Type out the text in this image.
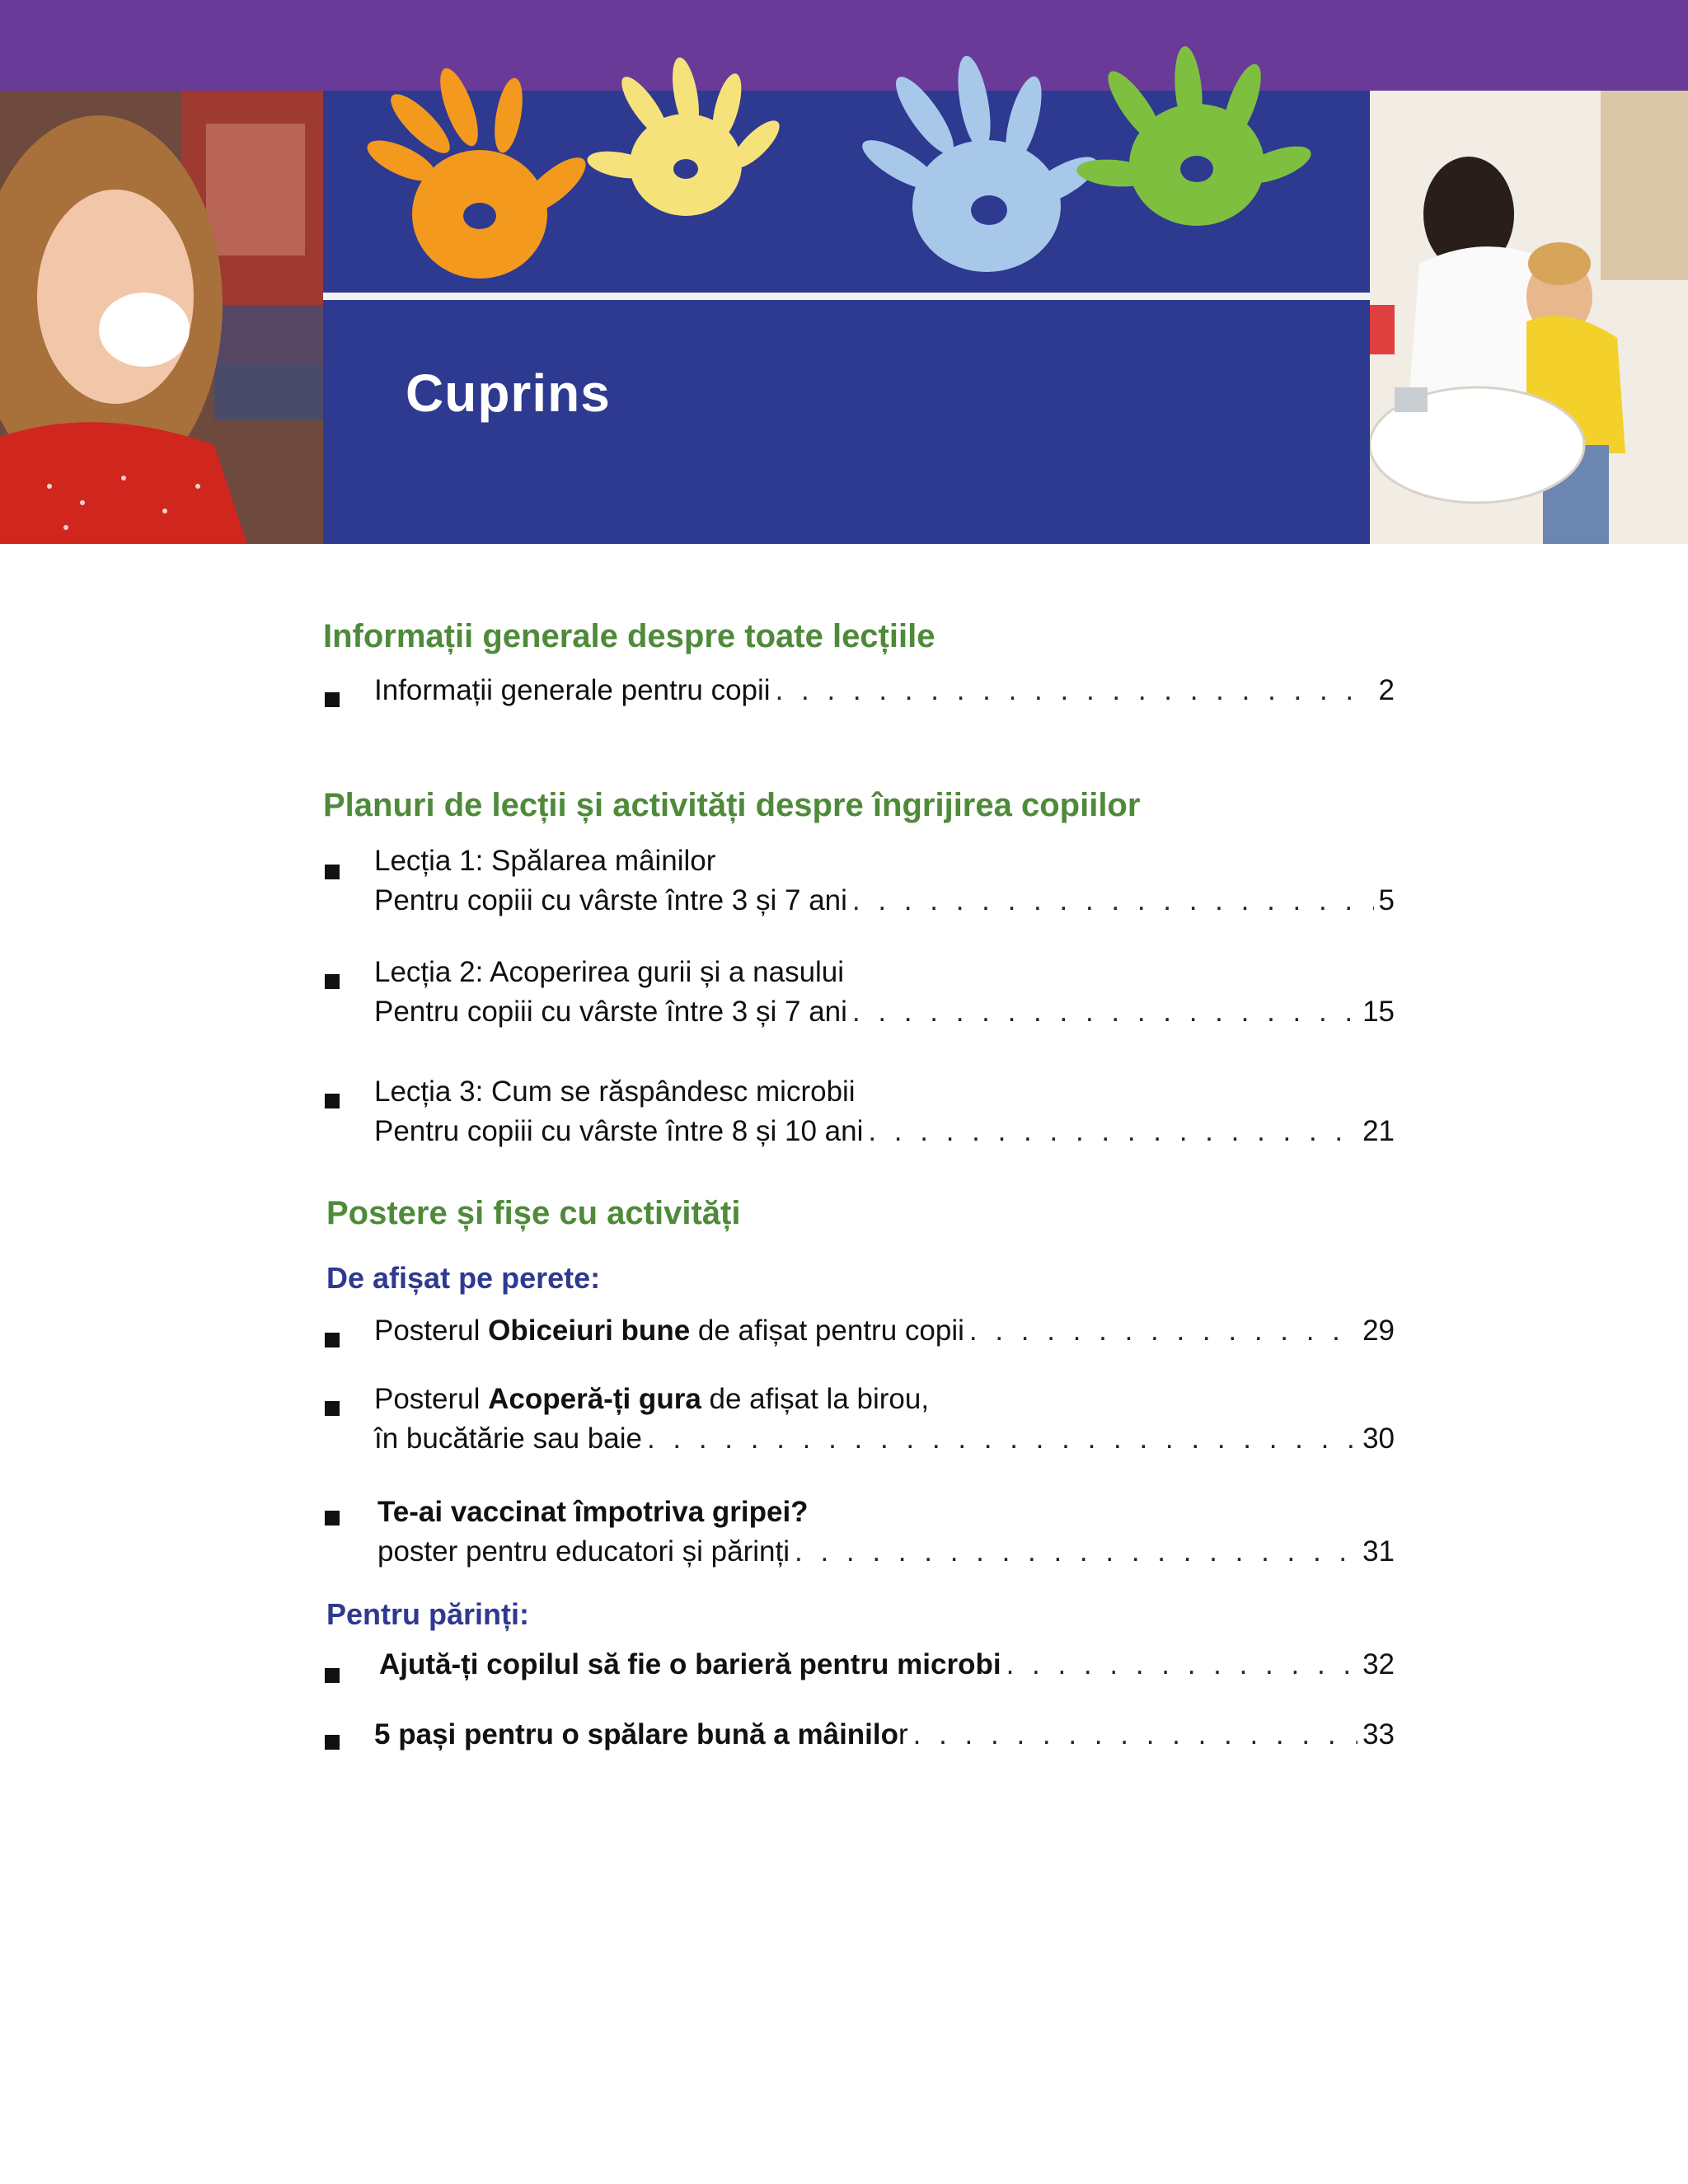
Cuprins
Informații generale despre toate lecțiile
Informații generale pentru copii . . .	2
Planuri de lecții și activități despre îngrijirea copiilor
Lecția 1: Spălarea mâinilor
Pentru copiii cu vârste între 3 și 7 ani . . .	5
Lecția 2: Acoperirea gurii și a nasului
Pentru copiii cu vârste între 3 și 7 ani . . .	15
Lecția 3: Cum se răspândesc microbii
Pentru copiii cu vârste între 8 și 10 ani . . .	21
Postere și fișe cu activități
De afișat pe perete:
Posterul Obiceiuri bune de afișat pentru copii . . .	29
Posterul Acoperă-ți gura de afișat la birou,
în bucătărie sau baie . . .	30
Te-ai vaccinat împotriva gripei?
poster pentru educatori și părinți . . .	31
Pentru părinți:
Ajută-ți copilul să fie o barieră pentru microbi . . .	32
5 pași pentru o spălare bună a mâinilor . . .	33
